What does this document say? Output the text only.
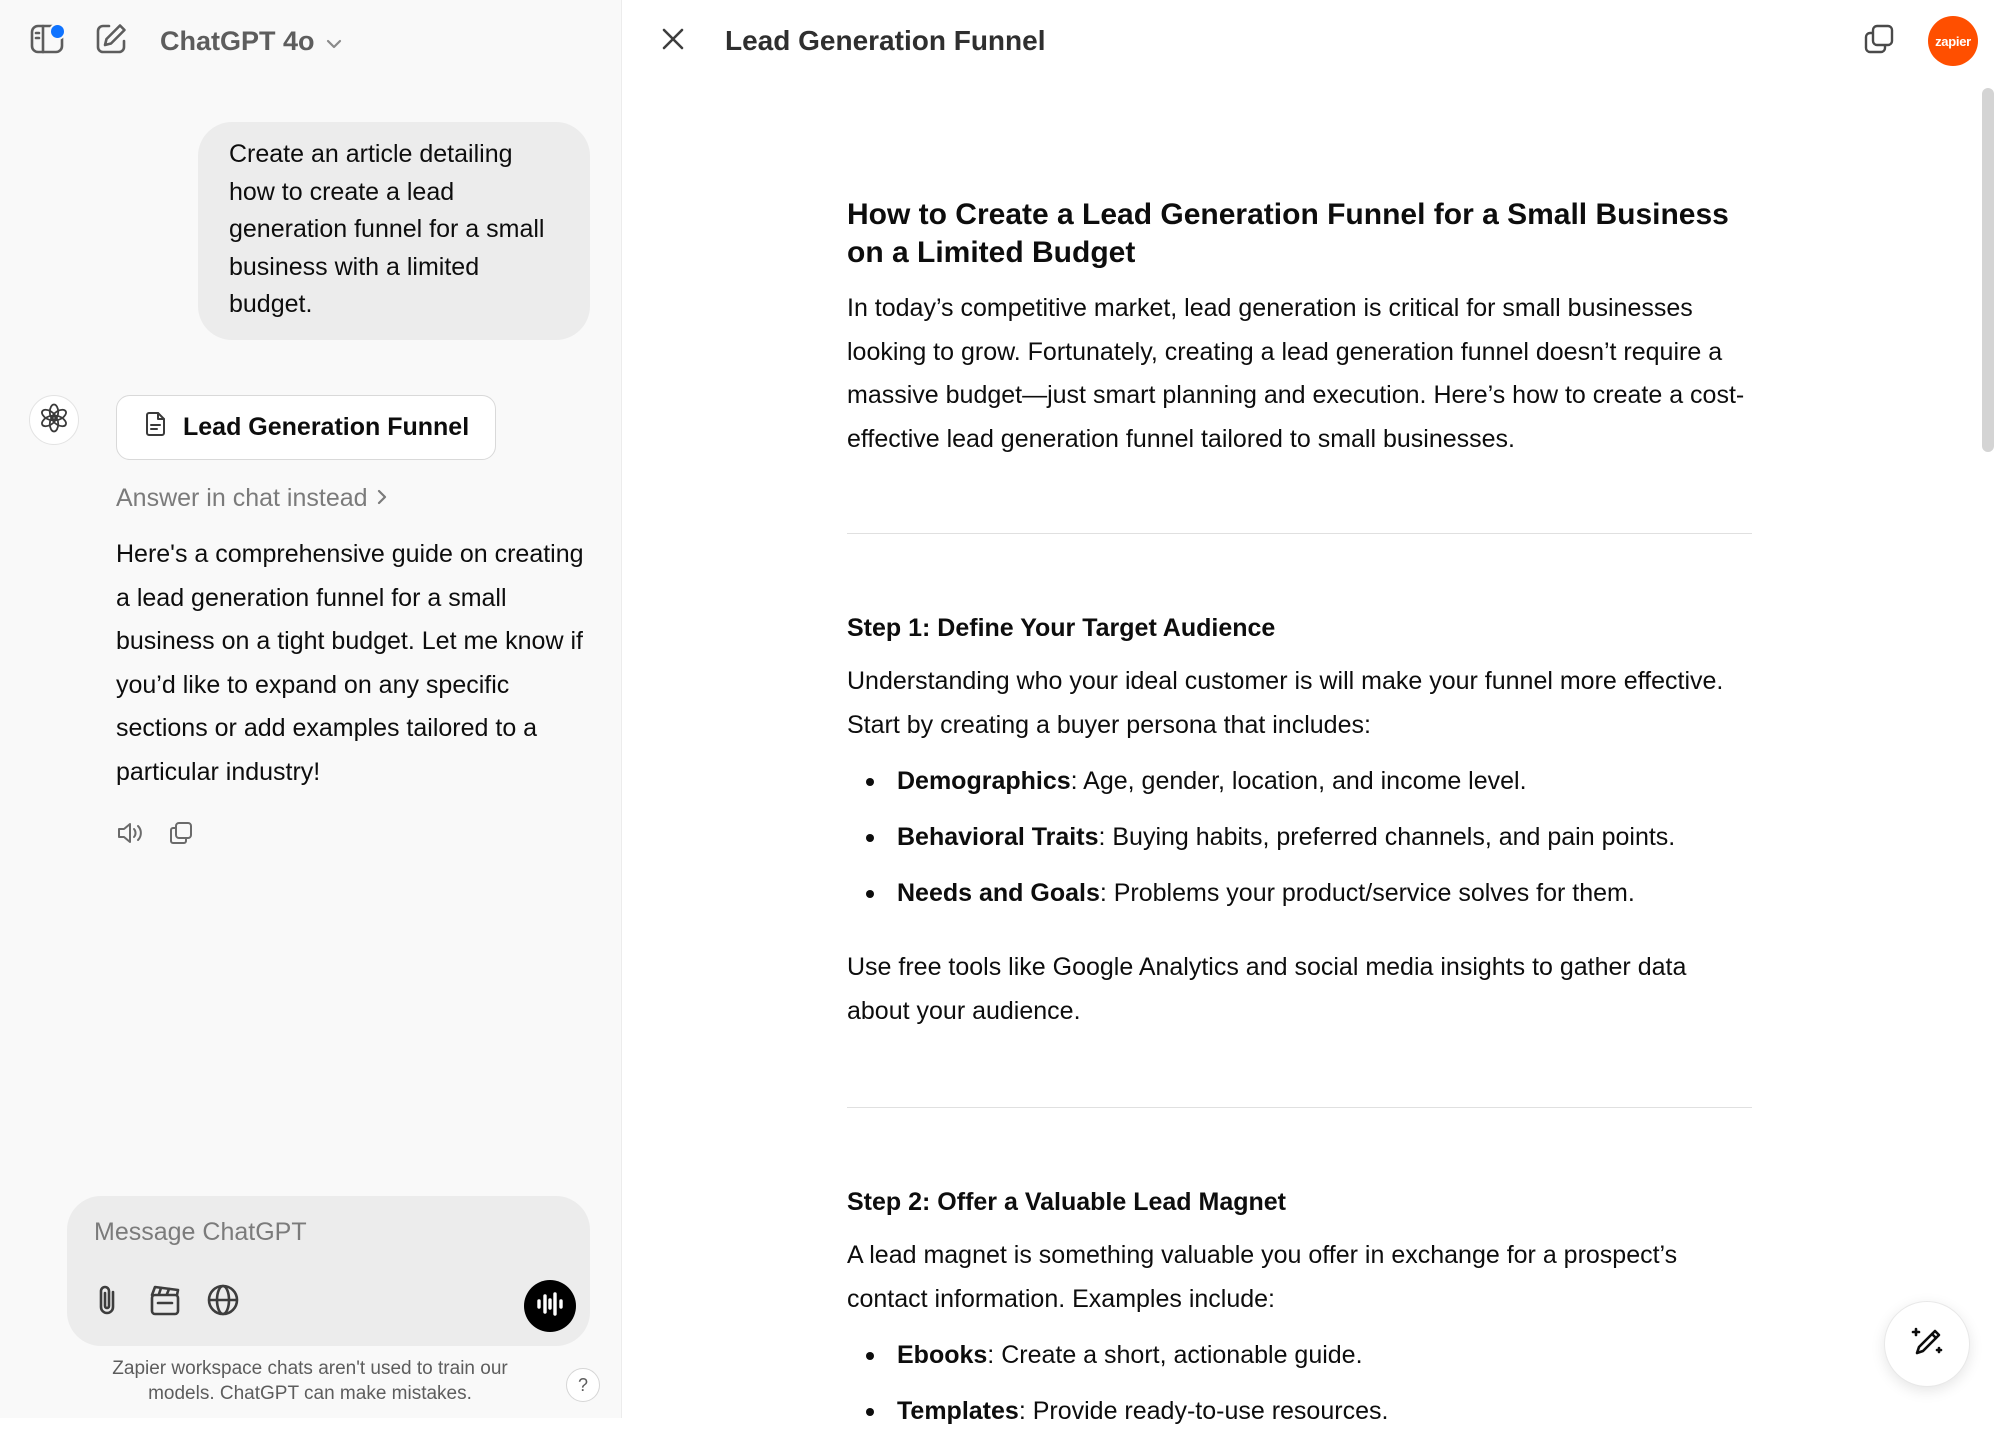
ChatGPT 4o
Create an article detailing how to create a lead generation funnel for a small business with a limited budget.
Lead Generation Funnel
Answer in chat instead
Here's a comprehensive guide on creating a lead generation funnel for a small business on a tight budget. Let me know if you’d like to expand on any specific sections or add examples tailored to a particular industry!
Message ChatGPT
Zapier workspace chats aren't used to train our models. ChatGPT can make mistakes.	?
Lead Generation Funnel	zapier
How to Create a Lead Generation Funnel for a Small Business on a Limited Budget

In today’s competitive market, lead generation is critical for small businesses looking to grow. Fortunately, creating a lead generation funnel doesn’t require a massive budget—just smart planning and execution. Here’s how to create a cost-effective lead generation funnel tailored to small businesses.

Step 1: Define Your Target Audience

Understanding who your ideal customer is will make your funnel more effective. Start by creating a buyer persona that includes:

Demographics: Age, gender, location, and income level.
Behavioral Traits: Buying habits, preferred channels, and pain points.
Needs and Goals: Problems your product/service solves for them.

Use free tools like Google Analytics and social media insights to gather data about your audience.

Step 2: Offer a Valuable Lead Magnet

A lead magnet is something valuable you offer in exchange for a prospect’s contact information. Examples include:

Ebooks: Create a short, actionable guide.
Templates: Provide ready-to-use resources.
